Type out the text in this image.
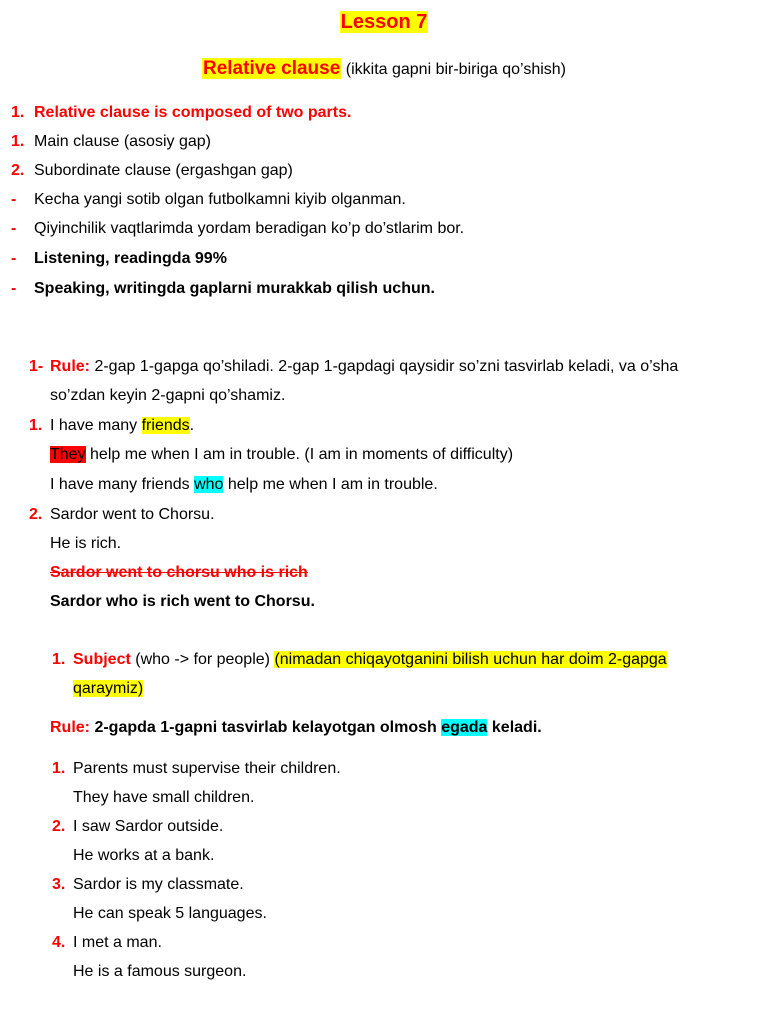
Lesson 7
Relative clause (ikkita gapni bir-biriga qo’shish)
1. Relative clause is composed of two parts.
1. Main clause (asosiy gap)
2. Subordinate clause (ergashgan gap)
- Kecha yangi sotib olgan futbolkamni kiyib olganman.
- Qiyinchilik vaqtlarimda yordam beradigan ko’p do’stlarim bor.
- Listening, readingda 99%
- Speaking, writingda gaplarni murakkab qilish uchun.
1- Rule: 2-gap 1-gapga qo’shiladi. 2-gap 1-gapdagi qaysidir so’zni tasvirlab keladi, va o’sha
so’zdan keyin 2-gapni qo’shamiz.
1. I have many friends.
They help me when I am in trouble. (I am in moments of difficulty)
I have many friends who help me when I am in trouble.
2. Sardor went to Chorsu.
He is rich.
Sardor went to chorsu who is rich
Sardor who is rich went to Chorsu.
1. Subject (who -> for people) (nimadan chiqayotganini bilish uchun har doim 2-gapga
qaraymiz)
Rule: 2-gapda 1-gapni tasvirlab kelayotgan olmosh egada keladi.
1. Parents must supervise their children.
They have small children.
2. I saw Sardor outside.
He works at a bank.
3. Sardor is my classmate.
He can speak 5 languages.
4. I met a man.
He is a famous surgeon.
